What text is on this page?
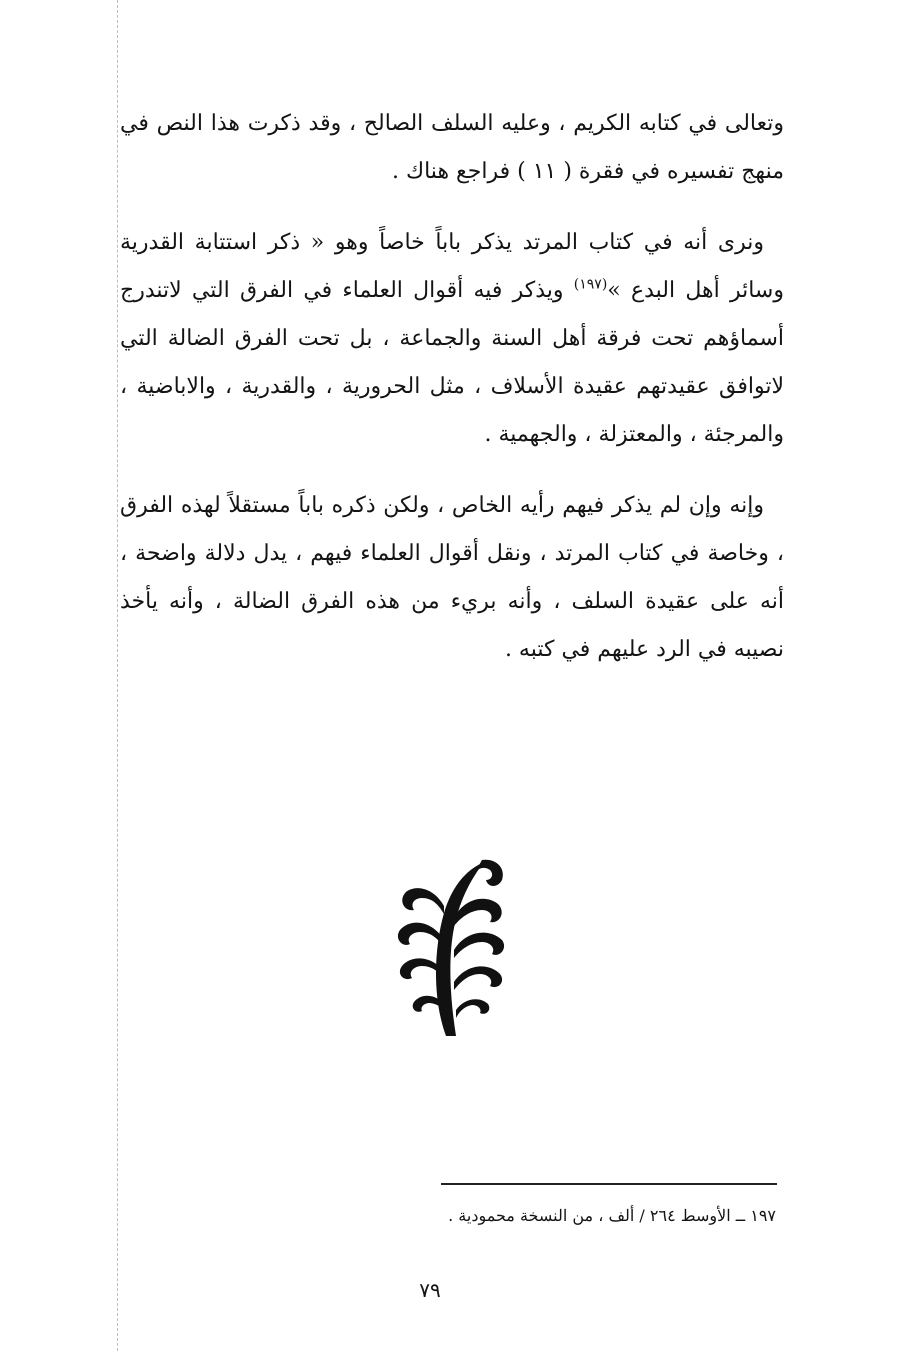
وتعالى في كتابه الكريم ، وعليه السلف الصالح ، وقد ذكرت هذا النص في منهج تفسيره في فقرة ( ١١ ) فراجع هناك .

ونرى أنه في كتاب المرتد يذكر باباً خاصاً وهو « ذكر استتابة القدرية وسائر أهل البدع »$^{(١٩٧)}$ ويذكر فيه أقوال العلماء في الفرق التي لاتندرج أسماؤهم تحت فرقة أهل السنة والجماعة ، بل تحت الفرق الضالة التي لاتوافق عقيدتهم عقيدة الأسلاف ، مثل الحرورية ، والقدرية ، والاباضية ، والمرجئة ، والمعتزلة ، والجهمية .

وإنه وإن لم يذكر فيهم رأيه الخاص ، ولكن ذكره باباً مستقلاً لهذه الفرق ، وخاصة في كتاب المرتد ، ونقل أقوال العلماء فيهم ، يدل دلالة واضحة ، أنه على عقيدة السلف ، وأنه بريء من هذه الفرق الضالة ، وأنه يأخذ نصيبه في الرد عليهم في كتبه .

١٩٧ ــ الأوسط ٢٦٤ / ألف ، من النسخة محمودية .
٧٩
